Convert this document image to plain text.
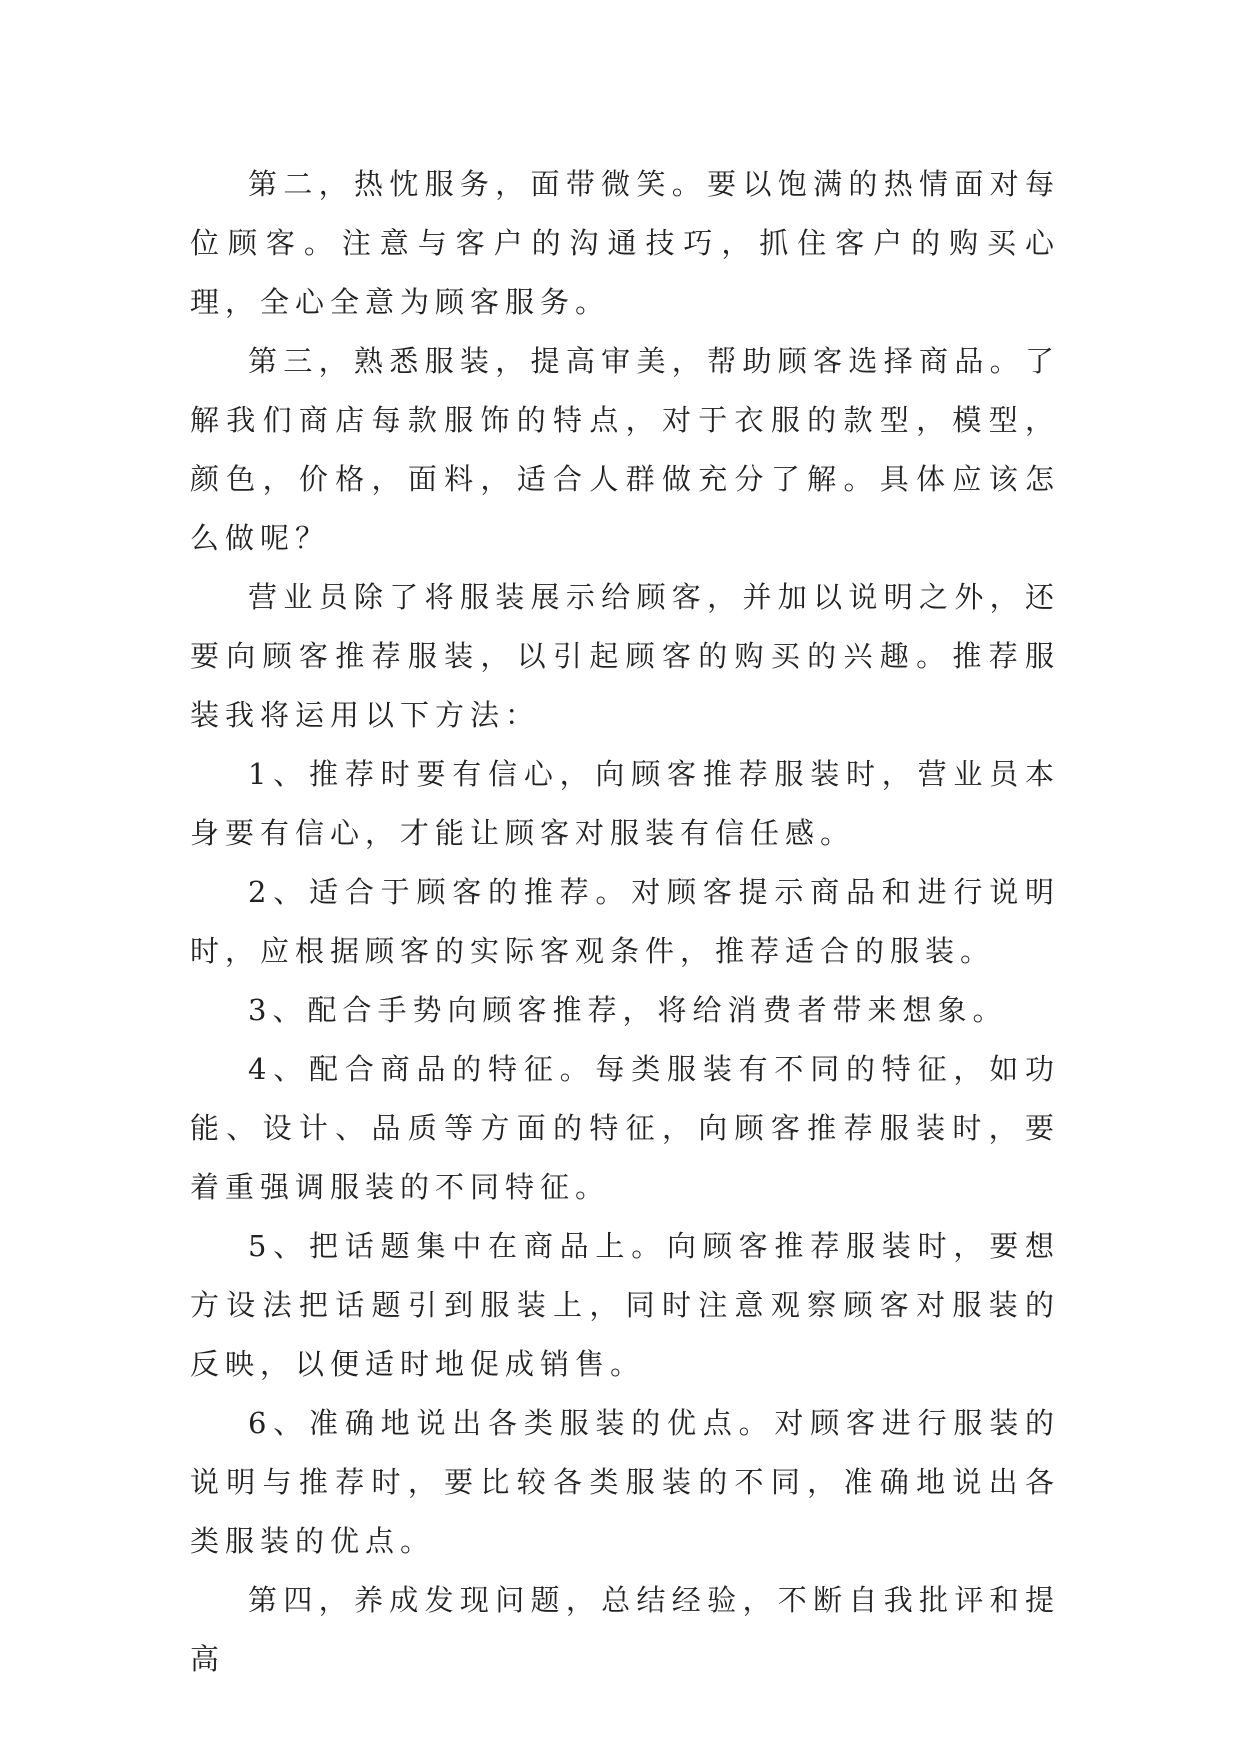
第二，热忱服务，面带微笑。要以饱满的热情面对每位顾客。注意与客户的沟通技巧，抓住客户的购买心理，全心全意为顾客服务。

第三，熟悉服装，提高审美，帮助顾客选择商品。了解我们商店每款服饰的特点，对于衣服的款型，模型，颜色，价格，面料，适合人群做充分了解。具体应该怎么做呢？

营业员除了将服装展示给顾客，并加以说明之外，还要向顾客推荐服装，以引起顾客的购买的兴趣。推荐服装我将运用以下方法：

1、推荐时要有信心，向顾客推荐服装时，营业员本身要有信心，才能让顾客对服装有信任感。

2、适合于顾客的推荐。对顾客提示商品和进行说明时，应根据顾客的实际客观条件，推荐适合的服装。

3、配合手势向顾客推荐，将给消费者带来想象。

4、配合商品的特征。每类服装有不同的特征，如功能、设计、品质等方面的特征，向顾客推荐服装时，要着重强调服装的不同特征。

5、把话题集中在商品上。向顾客推荐服装时，要想方设法把话题引到服装上，同时注意观察顾客对服装的反映，以便适时地促成销售。

6、准确地说出各类服装的优点。对顾客进行服装的说明与推荐时，要比较各类服装的不同，准确地说出各类服装的优点。

第四，养成发现问题，总结经验，不断自我批评和提高
